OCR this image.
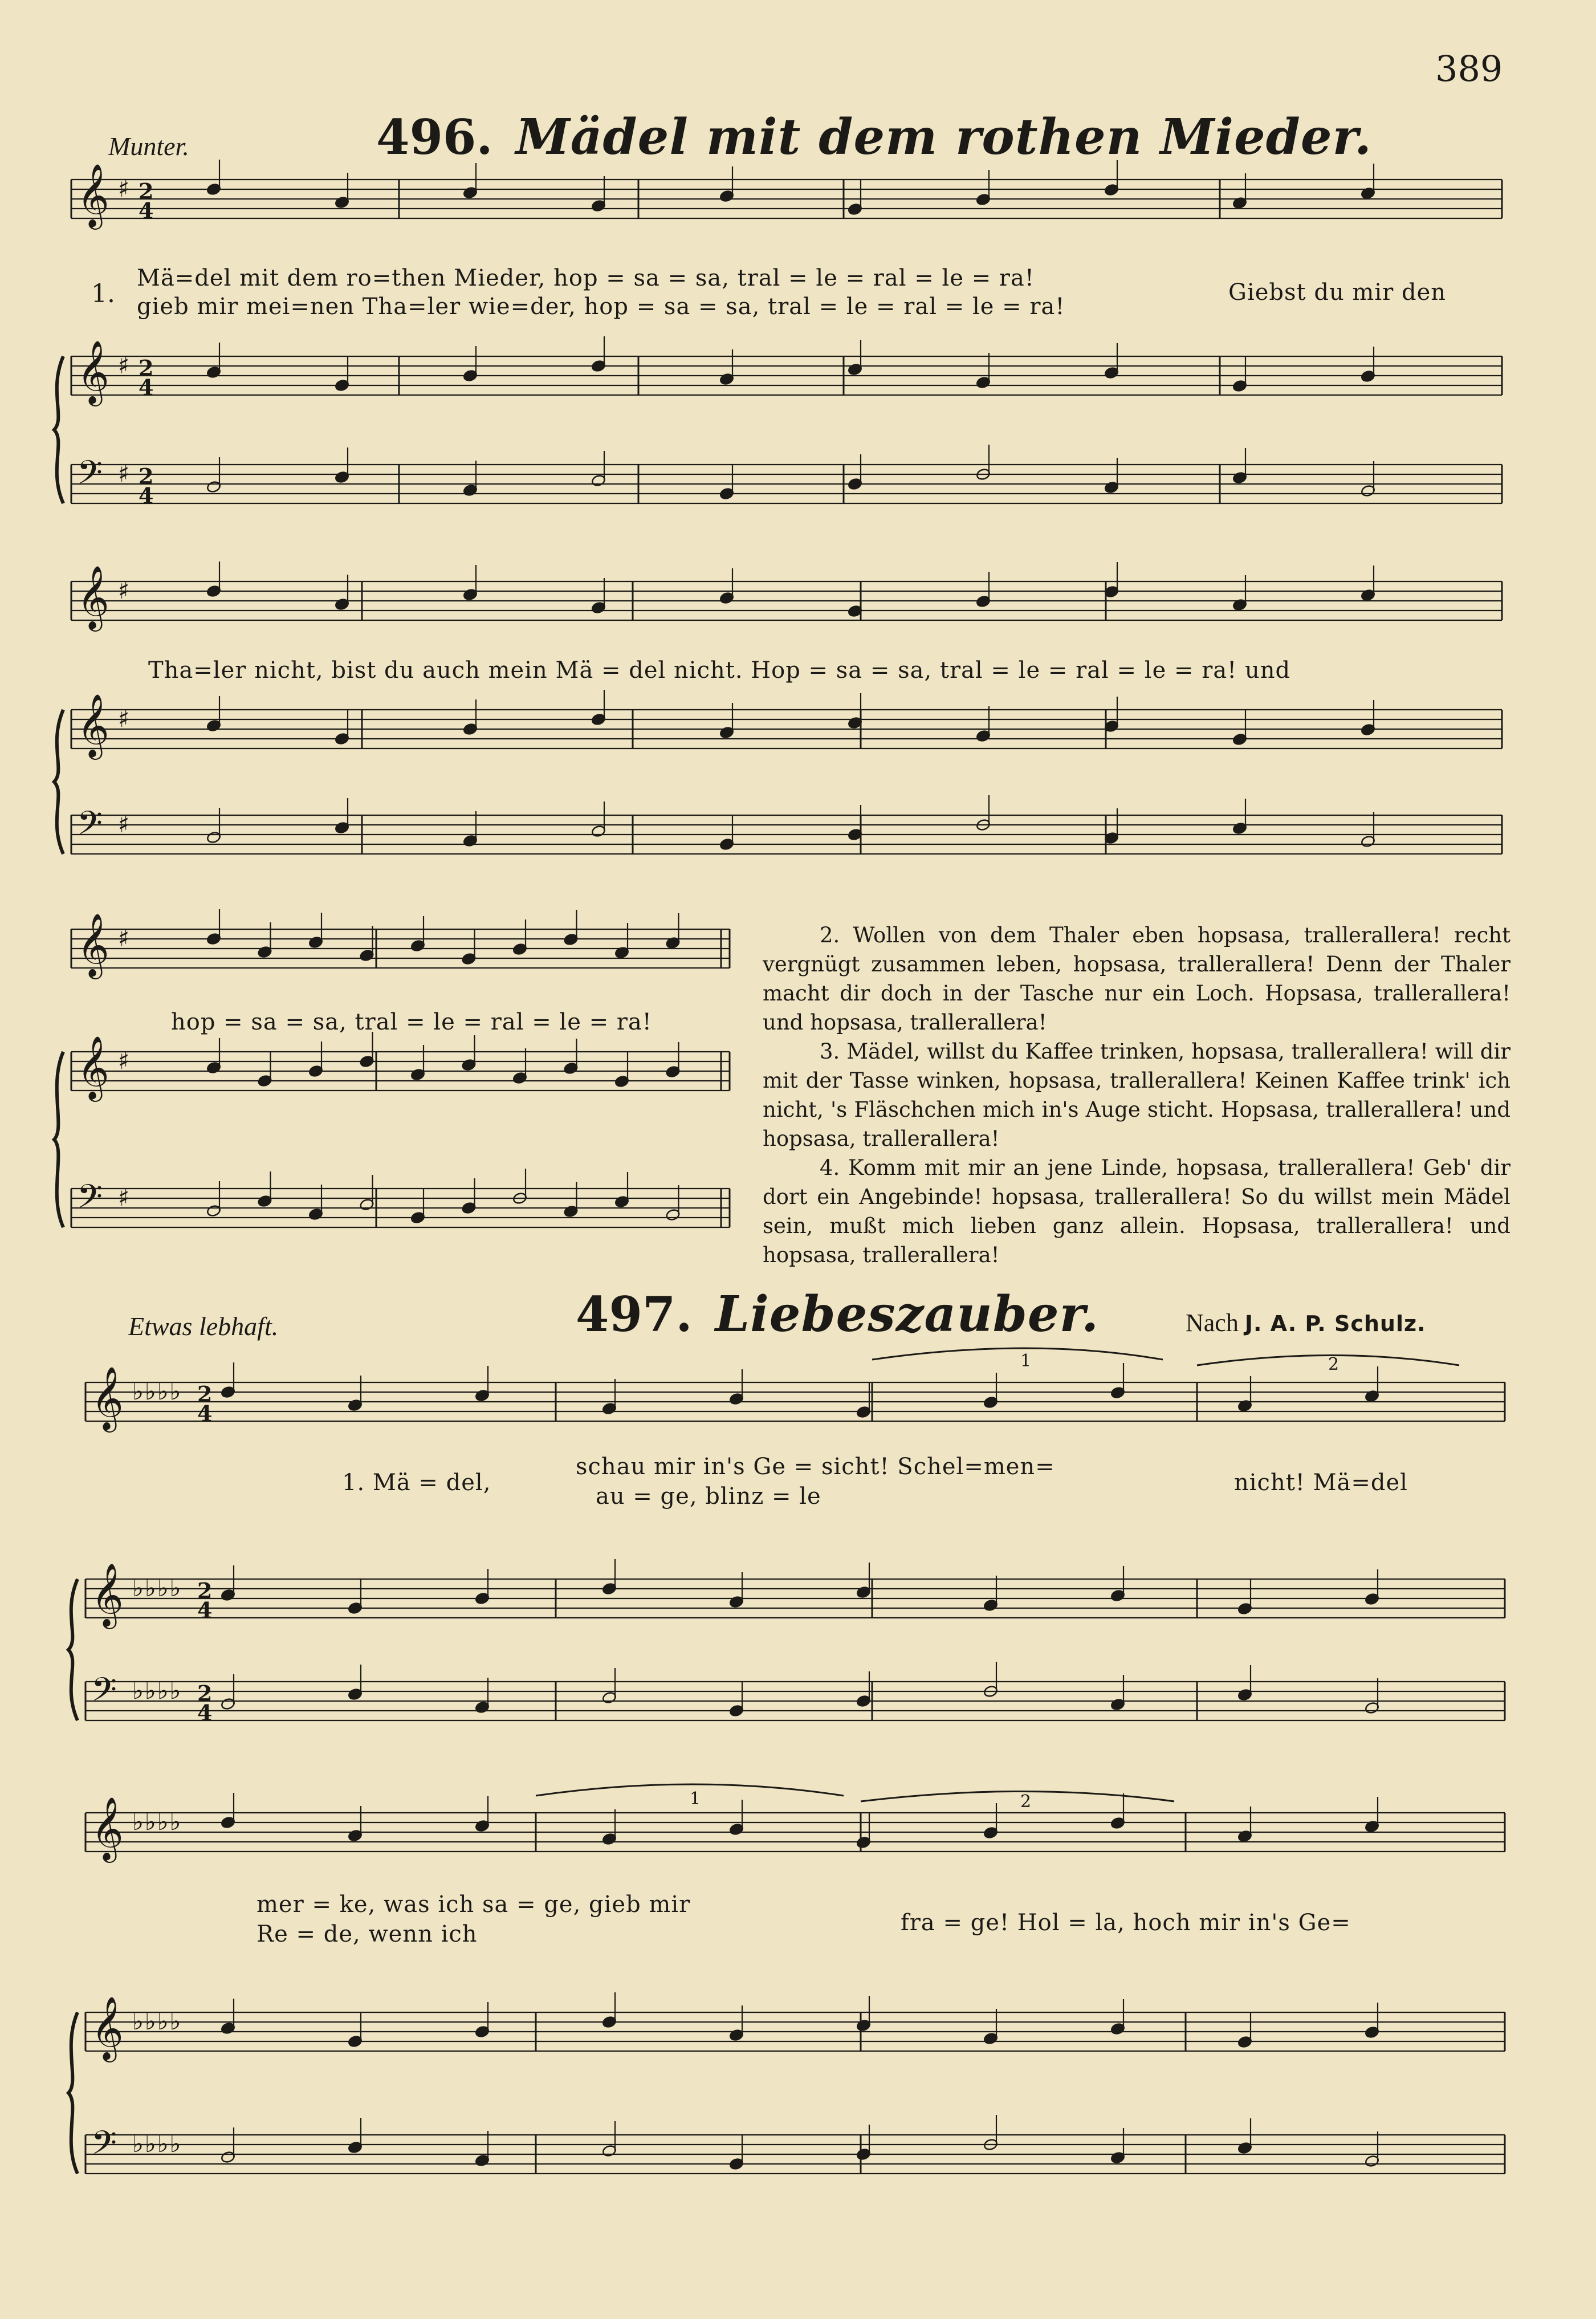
389
Munter.	496. Mädel mit dem rothen Mieder.
1.
Mä=del mit dem ro=then Mieder, hop = sa = sa, tral = le = ral = le = ra!
gieb mir mei=nen Tha=ler wie=der, hop = sa = sa, tral = le = ral = le = ra!
Giebst du mir den
Tha=ler nicht, bist du auch mein Mä = del nicht. Hop = sa = sa, tral = le = ral = le = ra! und
hop = sa = sa, tral = le = ral = le = ra!
2. Wollen von dem Thaler eben hopsasa, trallerallera! recht vergnügt zusammen leben, hopsasa, trallerallera! Denn der Thaler macht dir doch in der Tasche nur ein Loch. Hopsasa, trallerallera! und hopsasa, trallerallera!
3. Mädel, willst du Kaffee trinken, hopsasa, trallerallera! will dir mit der Tasse winken, hopsasa, trallerallera! Keinen Kaffee trink' ich nicht, 's Fläschchen mich in's Auge sticht. Hopsasa, trallerallera! und hopsasa, trallerallera!
4. Komm mit mir an jene Linde, hopsasa, trallerallera! Geb' dir dort ein Angebinde! hopsasa, trallerallera! So du willst mein Mädel sein, mußt mich lieben ganz allein. Hopsasa, trallerallera! und hopsasa, trallerallera!
Etwas lebhaft.	497. Liebeszauber.	Nach J. A. P. Schulz.
1. Mä = del,
schau mir in's Ge = sicht! Schel=men=
au = ge, blinz = le
nicht! Mä=del
mer = ke, was ich sa = ge, gieb mir
Re = de, wenn ich	fra = ge! Hol = la, hoch mir in's Ge=
1	2
1	2
𝄞 ♯ 2
4
𝄞 ♯ 2
4
𝄢 ♯ 2
4
𝄞 ♯
𝄞 ♯
𝄢 ♯
𝄞 ♯
𝄞 ♯
𝄢 ♯
𝄞 ♭♭♭♭ 2
4
𝄞 ♭♭♭♭ 2
4
𝄢 ♭♭♭♭ 2
4
𝄞 ♭♭♭♭
𝄞 ♭♭♭♭
𝄢 ♭♭♭♭
